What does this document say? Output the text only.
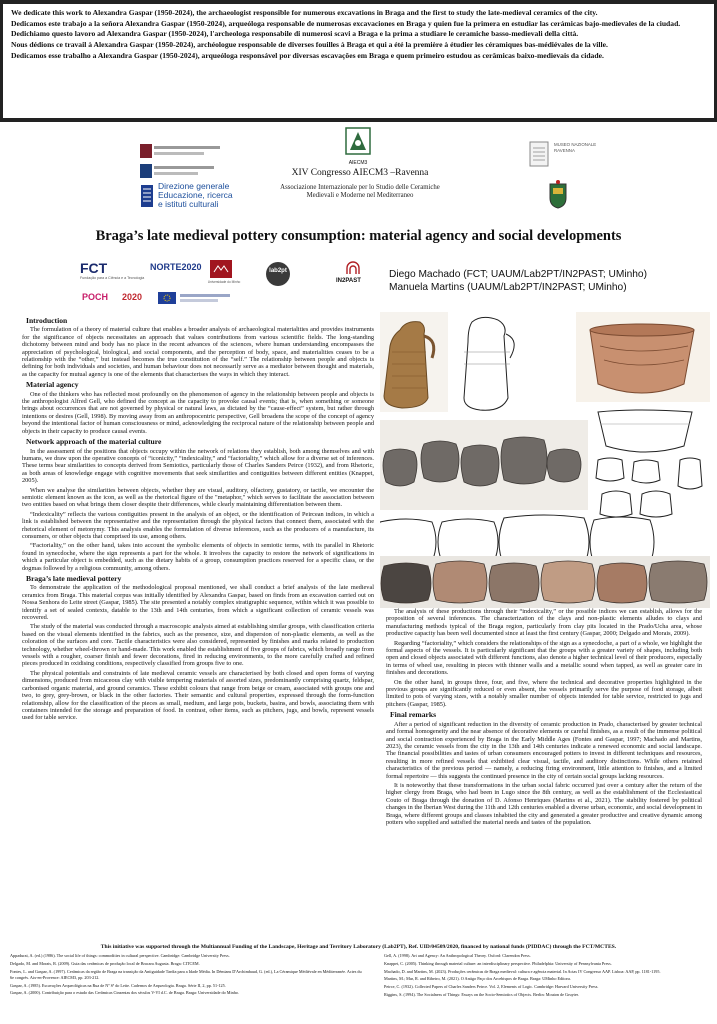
We dedicate this work to Alexandra Gaspar (1950-2024), the archaeologist responsible for numerous excavations in Braga and the first to study the late-medieval ceramics of the city.

Dedicamos este trabajo a la señora Alexandra Gaspar (1950-2024), arqueóloga responsable de numerosas excavaciones en Braga y quien fue la primera en estudiar las cerámicas bajo-medievales de la ciudad.

Dedichiamo questo lavoro ad Alexandra Gaspar (1950-2024), l'archeologa responsabile di numerosi scavi a Braga e la prima a studiare le ceramiche basso-medievali della città.

Nous dédions ce travail à Alexandra Gaspar (1950-2024), archéologue responsable de diverses fouilles à Braga et qui a été la première à étudier les céramiques bas-médiévales de la ville.

Dedicamos esse trabalho a Alexandra Gaspar (1950-2024), arqueóloga responsável por diversas escavações em Braga e quem primeiro estudou as cerâmicas baixo-medievais da cidade.

Direzione generale
Educazione, ricerca
e istituti culturali
AIECM3
MUSEO NAZIONALE RAVENNA
XIV Congresso AIECM3 –Ravenna
Associazione Internazionale per lo Studio delle Ceramiche
Medievali e Moderne nel Mediterraneo
Braga’s late medieval pottery consumption: material agency and social developments
FCT
Fundação para a Ciência e a Tecnologia
NORTE2020
Universidade do Minho
lab2pt
IN2PAST
POCH 2020
Diego Machado (FCT; UAUM/Lab2PT/IN2PAST; UMinho)
Manuela Martins (UAUM/Lab2PT/IN2PAST; UMinho)
Introduction

The formulation of a theory of material culture that enables a broader analysis of archaeological materialities and provides instruments for the significance of objects necessitates an approach that values contributions from various scientific fields. The long-standing dichotomy between mind and body has no place in the recent advances of the sciences, where human understanding encompasses the appreciation of psychological, biological, and social components, and the perception of body, space, and materialities ceases to be a relationship with the “other,” but instead becomes the true constitution of the “self.” The relationship between people and objects is defining for both individuals and societies, and human behaviour does not necessarily serve as a mediator between thought and materials, as the capacity for mutual agency is one of the elements that characterises the ways in which they interact.

Material agency

One of the thinkers who has reflected most profoundly on the phenomenon of agency in the relationship between people and objects is the anthropologist Alfred Gell, who defined the concept as the capacity to provoke causal events; that is, when something or someone brings about occurrences that are not governed by physical or natural laws, as dictated by the “cause-effect” system, but rather through intentions or desires (Gell, 1998). By moving away from an anthropocentric perspective, Gell broadens the scope of the concept of agency beyond the intentional factor of human consciousness or mind, acknowledging the reciprocal nature of the relationship between people and objects in their capacity to produce causal events.

Network approach of the material culture

In the assessment of the positions that objects occupy within the network of relations they establish, both among themselves and with humans, we draw upon the operative concepts of “iconicity,” “indexicality,” and “factoriality,” which allow for a diverse set of inferences. These terms bear similarities to concepts derived from Semiotics, particularly those of Charles Sanders Peirce (1932), and from Rhetoric, as both areas of knowledge engage with cognitive movements that seek similarities and contiguities between different entities (Knappet, 2005).

When we analyse the similarities between objects, whether they are visual, auditory, olfactory, gustatory, or tactile, we encounter the semiotic element known as the icon, as well as the rhetorical figure of the "metaphor," which serves to facilitate the association between two entities based on what brings them closer despite their differences, while clearly maintaining differentiation between them.

“Indexicality” reflects the various contiguities present in the analysis of an object, or the identification of Peircean indices, in which a link is established between the representative and the representation through the physical factors that connect them, associated with the rhetorical element of metonymy. This analysis enables the formulation of diverse inferences, such as the producers of a manufacture, its consumers, or other objects that comprised its use, among others.

“Factoriality,” on the other hand, takes into account the symbolic elements of objects in semiotic terms, with its parallel in Rhetoric found in synecdoche, where the sign represents a part for the whole. It involves the capacity to restore the network of significations in which a particular object is embedded, such as the dietary habits of a group, consumption practices reserved for a specific class, or the dogmas followed by a religious community, among others.

Braga’s late medieval pottery

To demonstrate the application of the methodological proposal mentioned, we shall conduct a brief analysis of the late medieval ceramics from Braga. This material corpus was initially identified by Alexandra Gaspar, based on finds from an excavation carried out on Nossa Senhora do Leite street (Gaspar, 1985). The site presented a notably complex stratigraphic sequence, within which it was possible to identify a set of sealed contexts, datable to the 13th and 14th centuries, from which a significant collection of ceramic vessels was recovered.

The study of the material was conducted through a macroscopic analysis aimed at establishing similar groups, with classification criteria based on the visual elements identified in the fabrics, such as the presence, size, and dispersion of non-plastic elements, as well as the coloration of the surfaces and core. Tactile characteristics were also considered, represented by finishes and marks related to production technology, whether wheel-thrown or hand-made. This work enabled the establishment of five groups of fabrics, which broadly range from vessels with a rougher, coarser finish and fewer decorations, fired in reducing environments, to the more carefully crafted and refined pieces produced in oxidising conditions, respectively classified from groups five to one.

The physical potentials and constraints of late medieval ceramic vessels are characterised by both closed and open forms of varying dimensions, produced from micaceous clay with visible tempering materials of assorted sizes, predominantly comprising quartz, feldspar, carbonised organic material, and ground ceramics. These exhibit colours that range from beige or cream, associated with groups one and two, to grey, grey-brown, or black in the other factories. Their semantic and cultural properties, expressed through the form-function relationship, allow for the classification of the pieces as small, medium, and large pots, buckets, basins, and bowls, associating them with containers intended for the storage and preparation of food. In contrast, other items, such as pitchers, jugs, and bowls, represent vessels used for table service.

The analysis of these productions through their “indexicality,” or the possible indices we can establish, allows for the proposition of several inferences. The characterization of the clays and non-plastic elements alludes to clays and manufacturing methods typical of the Braga region, particularly from clay pits located in the Prado/Ucha area, whose productive capacity has been well documented since at least the first century (Gaspar, 2000; Delgado and Morais, 2009).

Regarding “factoriality,” which considers the relationships of the sign as a synecdoche, a part of a whole, we highlight the formal aspects of the vessels. It is particularly significant that the groups with a greater variety of shapes, including both open and closed objects associated with different functions, also denote a higher technical level of their producers, especially in terms of wheel use, resulting in pieces with thinner walls and a metallic sound when tapped, as well as greater care in finishes and decorations.

On the other hand, in groups three, four, and five, where the technical and decorative properties highlighted in the previous groups are significantly reduced or even absent, the vessels primarily serve the purpose of food storage, albeit limited to pots of varying sizes, with a notably smaller number of objects intended for table service, restricted to jugs and pitchers (Gaspar, 1985).

Final remarks

After a period of significant reduction in the diversity of ceramic production in Prado, characterised by greater technical and formal homogeneity and the near absence of decorative elements or careful finishes, as a result of the immense political and social contraction experienced by Braga in the Early Middle Ages (Fontes and Gaspar, 1997; Machado and Martins, 2023), the ceramic vessels from the city in the 13th and 14th centuries indicate a renewed economic and social landscape. The financial possibilities and tastes of urban consumers encouraged potters to invest in different techniques and resources, resulting in more refined vessels that exhibited clear visual, tactile, and auditory distinctions. While others retained characteristics of the previous period — namely, a reducing firing environment, little attention to finishes, and a limited formal repertoire — this suggests the continued presence in the city of certain social groups lacking resources.

It is noteworthy that these transformations in the urban social fabric occurred just over a century after the return of the higher clergy from Braga, who had been in Lugo since the 8th century, as well as the establishment of the Ecclesiastical Couto of Braga through the donation of D. Afonso Henriques (Martins et al., 2021). The stability fostered by political changes in the Iberian West during the 11th and 12th centuries enabled a diverse urban, economic, and social development in Braga, where different groups and classes inhabited the city and generated a greater productive and creative dynamic among potters who supplied and satisfied the material needs and tastes of the population.

This initiative was supported through the Multiannual Funding of the Landscape, Heritage and Territory Laboratory (Lab2PT), Ref. UID/04509/2020, financed by national funds (PIDDAC) through the FCT/MCTES.

Appadurai, A. (ed.) (1986). The social life of things: commodities in cultural perspective. Cambridge: Cambridge University Press.

Delgado, M. and Morais, R. (2009). Guia das cerâmicas de produção local de Bracara Augusta. Braga: CITCEM.

Fontes, L. and Gaspar, A. (1997). Cerâmicas da região de Braga na transição da Antiguidade Tardia para a Idade Média. In Démians D'Archimbaud, G. (ed.), La Céramique Médiévale en Méditerranée. Actes du 6e congrès. Aix-en-Provence: AIECM3, pp. 203-212.

Gaspar, A. (1985). Escavações Arqueológicas na Rua de Nº Sª do Leite. Cadernos de Arqueologia. Braga. Série II, 2, pp. 51-125.

Gaspar, A. (2000). Contribuição para o estudo das Cerâmicas Cinzentas dos séculos V-VI d.C. de Braga. Braga: Universidade do Minho.

Gell, A. (1998). Art and Agency: An Anthropological Theory. Oxford: Clarendon Press.

Knappet, C. (2005). Thinking through material culture: an interdisciplinary perspective. Philadelphia: University of Pennsylvania Press.

Machado, D. and Martins, M. (2023). Produções cerâmicas de Braga medieval: cultura e agência material. In Actas IV Congresso AAP. Lisboa: AAP, pp. 1181-1195.

Martins, M.; Mar, R. and Ribeiro, M. (2021). O Antigo Paço dos Arcebispos de Braga. Braga: UMinho Editora.

Peirce, C. (1932). Collected Papers of Charles Sanders Peirce. Vol. 2, Elements of Logic. Cambridge: Harvard University Press.

Riggins, S. (1994). The Socialness of Things: Essays on the Socio-Semiotics of Objects. Berlin: Mouton de Gruyter.
